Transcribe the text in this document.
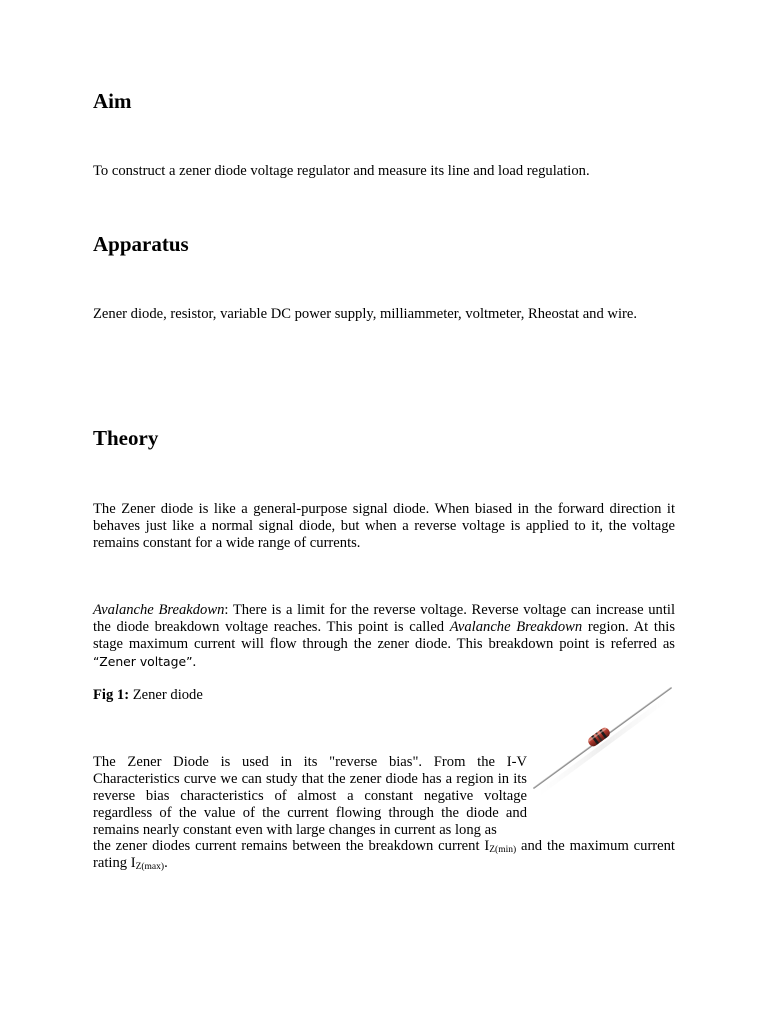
Aim

To construct a zener diode voltage regulator and measure its line and load regulation.

Apparatus

Zener diode, resistor, variable DC power supply, milliammeter, voltmeter, Rheostat and wire.

Theory

The Zener diode is like a general-purpose signal diode. When biased in the forward direction it behaves just like a normal signal diode, but when a reverse voltage is applied to it, the voltage remains constant for a wide range of currents.

Avalanche Breakdown: There is a limit for the reverse voltage. Reverse voltage can increase until the diode breakdown voltage reaches. This point is called Avalanche Breakdown region. At this stage maximum current will flow through the zener diode. This breakdown point is referred as “Zener voltage”.

Fig 1: Zener diode

The Zener Diode is used in its "reverse bias". From the I-V Characteristics curve we can study that the zener diode has a region in its reverse bias characteristics of almost a constant negative voltage regardless of the value of the current flowing through the diode and remains nearly constant even with large changes in current as long as

the zener diodes current remains between the breakdown current $I_{Z(min)}$ and the maximum current rating $I_{Z(max)}$.
